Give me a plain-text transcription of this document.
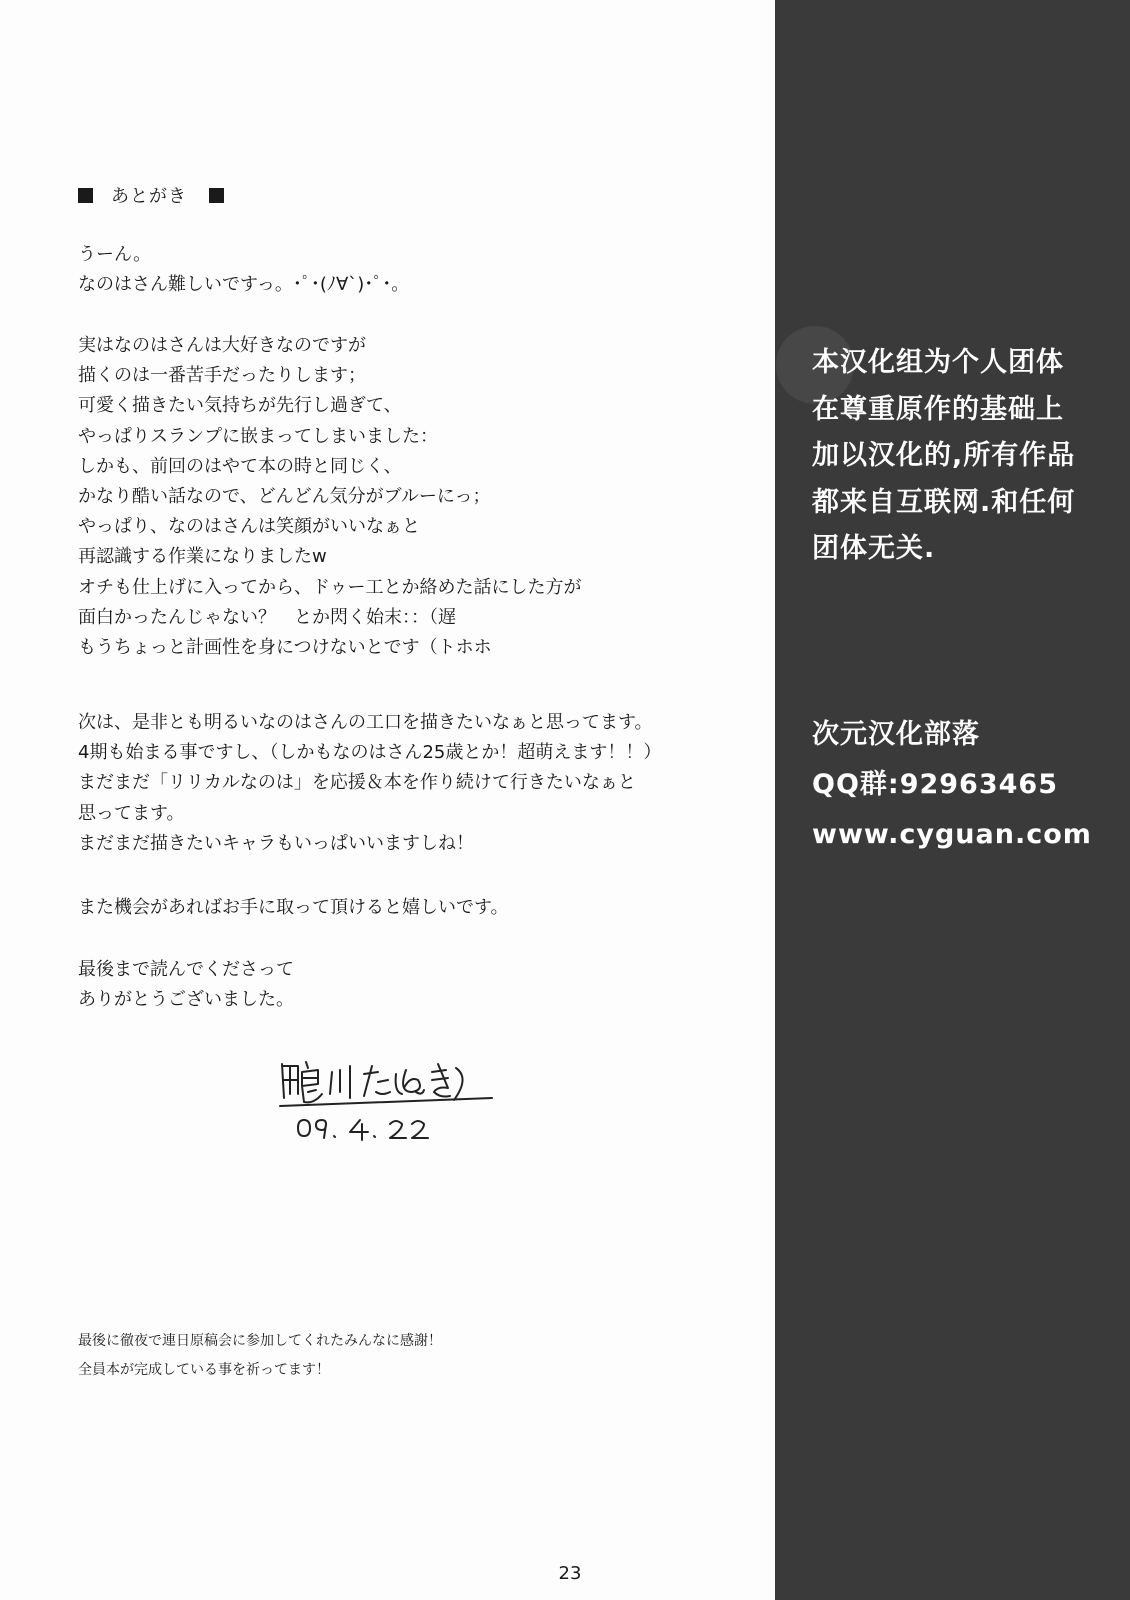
あとがき
うーん。
なのはさん難しいですっ。･ﾟ･(ﾉ∀`)･ﾟ･。
実はなのはさんは大好きなのですが
描くのは一番苦手だったりします；
可愛く描きたい気持ちが先行し過ぎて、
やっぱりスランプに嵌まってしまいました：
しかも、前回のはやて本の時と同じく、
かなり酷い話なので、どんどん気分がブルーにっ；
やっぱり、なのはさんは笑顔がいいなぁと
再認識する作業になりましたw
オチも仕上げに入ってから、ドゥー工とか絡めた話にした方が
面白かったんじゃない？　とか閃く始末：：（遅
もうちょっと計画性を身につけないとです（トホホ
次は、是非とも明るいなのはさんの工口を描きたいなぁと思ってます。
4期も始まる事ですし、（しかもなのはさん25歳とか！超萌えます！！）
まだまだ「リリカルなのは」を応援＆本を作り続けて行きたいなぁと
思ってます。
まだまだ描きたいキャラもいっぱいいますしね！
また機会があればお手に取って頂けると嬉しいです。
最後まで読んでくださって
ありがとうございました。
最後に徹夜で連日原稿会に参加してくれたみんなに感謝！
全員本が完成している事を祈ってます！
23
本汉化组为个人团体
在尊重原作的基础上
加以汉化的,所有作品
都来自互联网.和任何
团体无关.
次元汉化部落
QQ群:92963465
www.cyguan.com
